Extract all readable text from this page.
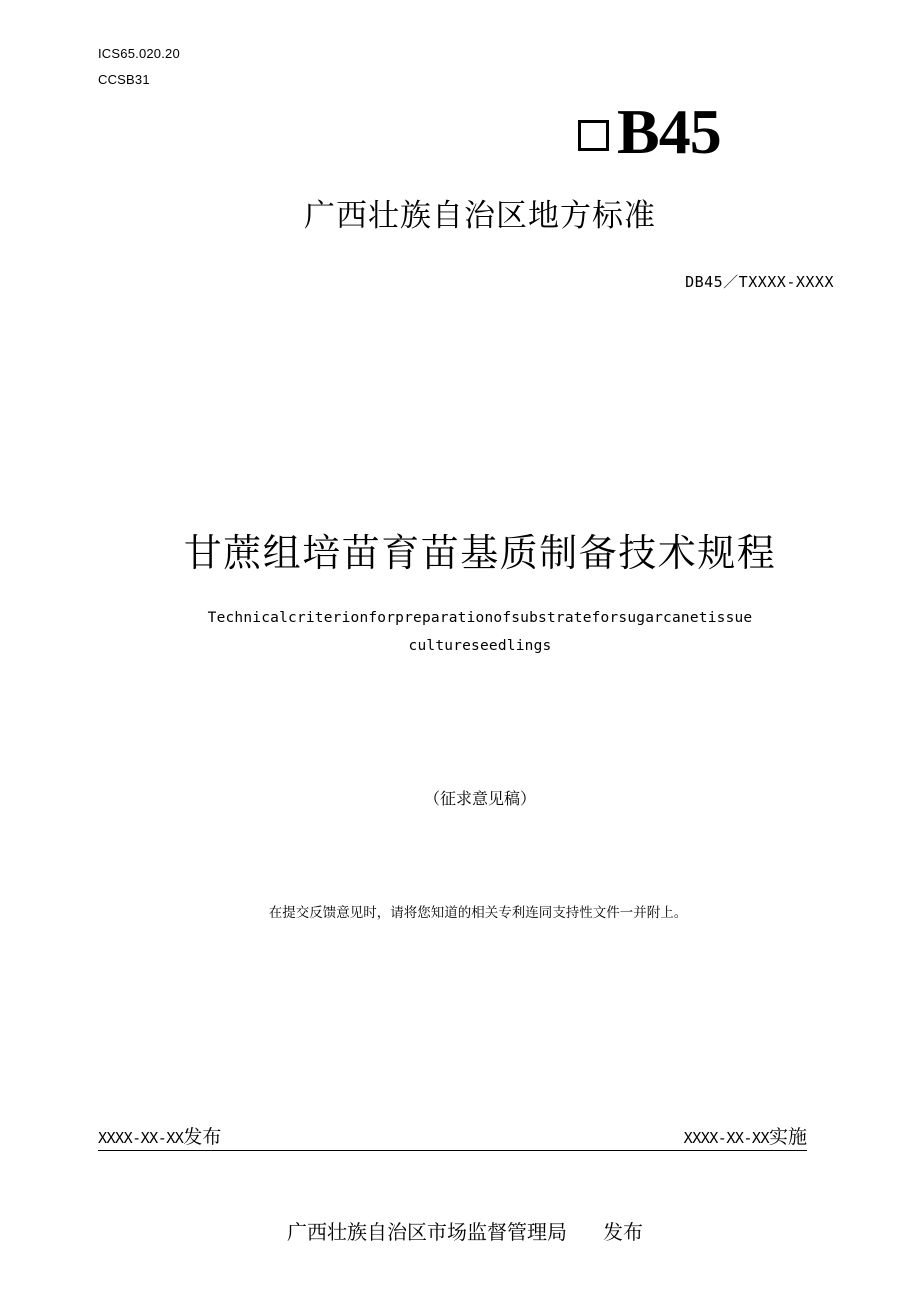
ICS65.020.20
CCSB31
B45
广西壮族自治区地方标准
DB45／TXXXX-XXXX
甘蔗组培苗育苗基质制备技术规程
Technicalcriterionforpreparationofsubstrateforsugarcanetissue
cultureseedlings
（征求意见稿）
在提交反馈意见时，请将您知道的相关专利连同支持性文件一并附上。
XXXX-XX-XX发布	XXXX-XX-XX实施
广西壮族自治区市场监督管理局 发布
